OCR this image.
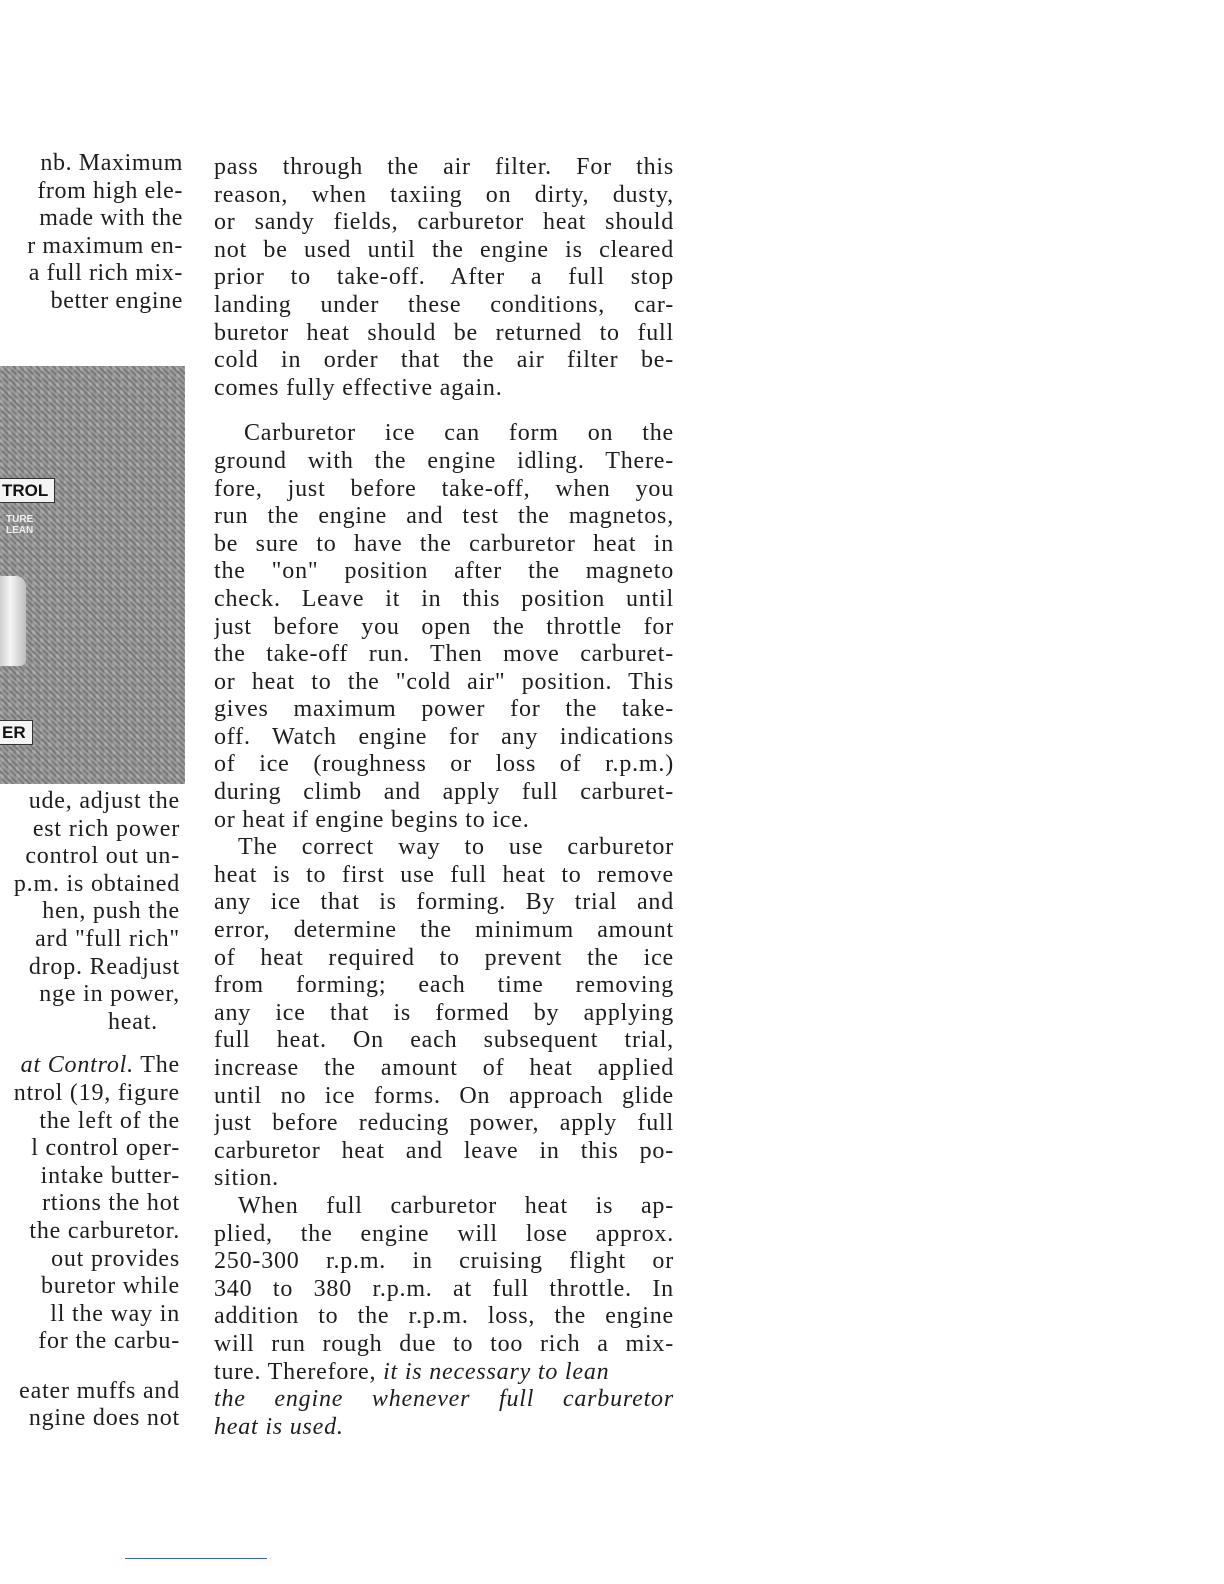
nb. Maximum
from high ele-
made with the
r maximum en-
a full rich mix-
better engine
TROL
TURE
LEAN
ER
ude, adjust the
est rich power
control out un-
p.m. is obtained
hen, push the
ard "full rich"
drop. Readjust
nge in power,
heat.
at Control. The
ntrol (19, figure
the left of the
l control oper-
intake butter-
rtions the hot
the carburetor.
out provides
buretor while
ll the way in
for the carbu-
eater muffs and
ngine does not
pass through the air filter. For this
reason, when taxiing on dirty, dusty,
or sandy fields, carburetor heat should
not be used until the engine is cleared
prior to take-off. After a full stop
landing under these conditions, car-
buretor heat should be returned to full
cold in order that the air filter be-
comes fully effective again.
Carburetor ice can form on the
ground with the engine idling. There-
fore, just before take-off, when you
run the engine and test the magnetos,
be sure to have the carburetor heat in
the "on" position after the magneto
check. Leave it in this position until
just before you open the throttle for
the take-off run. Then move carburet-
or heat to the "cold air" position. This
gives maximum power for the take-
off. Watch engine for any indications
of ice (roughness or loss of r.p.m.)
during climb and apply full carburet-
or heat if engine begins to ice.
The correct way to use carburetor
heat is to first use full heat to remove
any ice that is forming. By trial and
error, determine the minimum amount
of heat required to prevent the ice
from forming; each time removing
any ice that is formed by applying
full heat. On each subsequent trial,
increase the amount of heat applied
until no ice forms. On approach glide
just before reducing power, apply full
carburetor heat and leave in this po-
sition.
When full carburetor heat is ap-
plied, the engine will lose approx.
250-300 r.p.m. in cruising flight or
340 to 380 r.p.m. at full throttle. In
addition to the r.p.m. loss, the engine
will run rough due to too rich a mix-
ture. Therefore, it is necessary to lean
the engine whenever full carburetor
heat is used.
